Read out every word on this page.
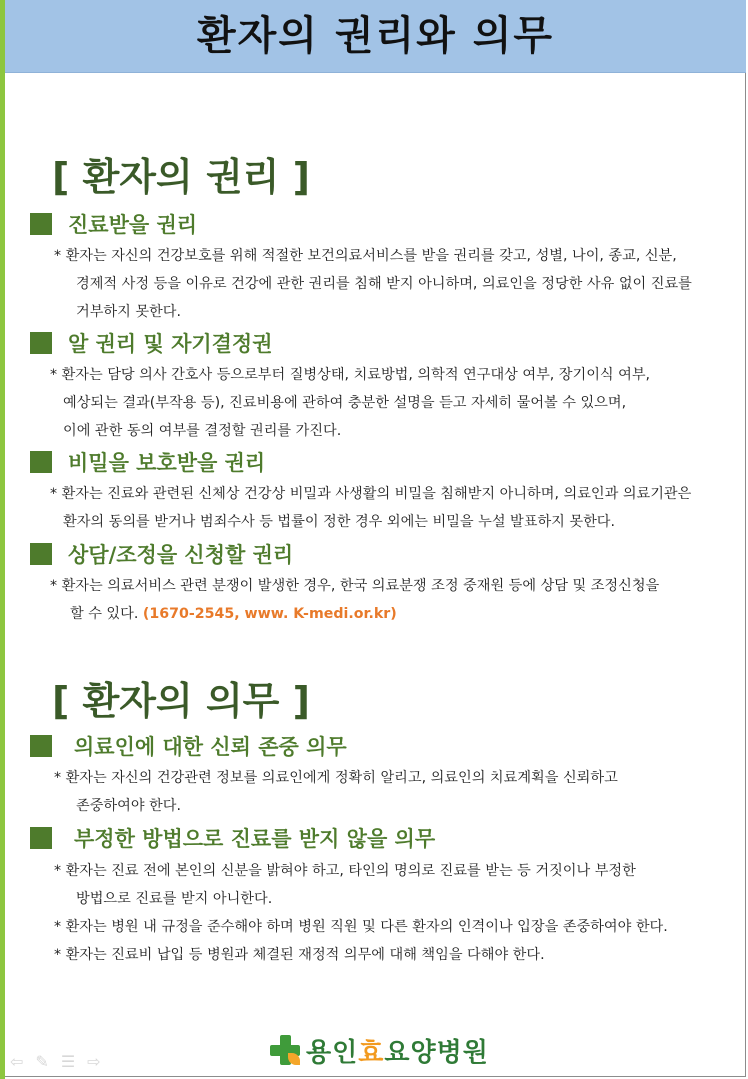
환자의 권리와 의무
[ 환자의 권리 ]
진료받을 권리
* 환자는 자신의 건강보호를 위해 적절한 보건의료서비스를 받을 권리를 갖고, 성별, 나이, 종교, 신분,
경제적 사정 등을 이유로 건강에 관한 권리를 침해 받지 아니하며, 의료인을 정당한 사유 없이 진료를
거부하지 못한다.
알 권리 및 자기결정권
* 환자는 담당 의사 간호사 등으로부터 질병상태, 치료방법, 의학적 연구대상 여부, 장기이식 여부,
예상되는 결과(부작용 등), 진료비용에 관하여 충분한 설명을 듣고 자세히 물어볼 수 있으며,
이에 관한 동의 여부를 결정할 권리를 가진다.
비밀을 보호받을 권리
* 환자는 진료와 관련된 신체상 건강상 비밀과 사생활의 비밀을 침해받지 아니하며, 의료인과 의료기관은
환자의 동의를 받거나 범죄수사 등 법률이 정한 경우 외에는 비밀을 누설 발표하지 못한다.
상담/조정을 신청할 권리
* 환자는 의료서비스 관련 분쟁이 발생한 경우, 한국 의료분쟁 조정 중재원 등에 상담 및 조정신청을
할 수 있다. (1670-2545, www. K-medi.or.kr)
[ 환자의 의무 ]
의료인에 대한 신뢰 존중 의무
* 환자는 자신의 건강관련 정보를 의료인에게 정확히 알리고, 의료인의 치료계획을 신뢰하고
존중하여야 한다.
부정한 방법으로 진료를 받지 않을 의무
* 환자는 진료 전에 본인의 신분을 밝혀야 하고, 타인의 명의로 진료를 받는 등 거짓이나 부정한
방법으로 진료를 받지 아니한다.
* 환자는 병원 내 규정을 준수해야 하며 병원 직원 및 다른 환자의 인격이나 입장을 존중하여야 한다.
* 환자는 진료비 납입 등 병원과 체결된 재정적 의무에 대해 책임을 다해야 한다.
용인효요양병원
⇦ ✎ ☰ ⇨
